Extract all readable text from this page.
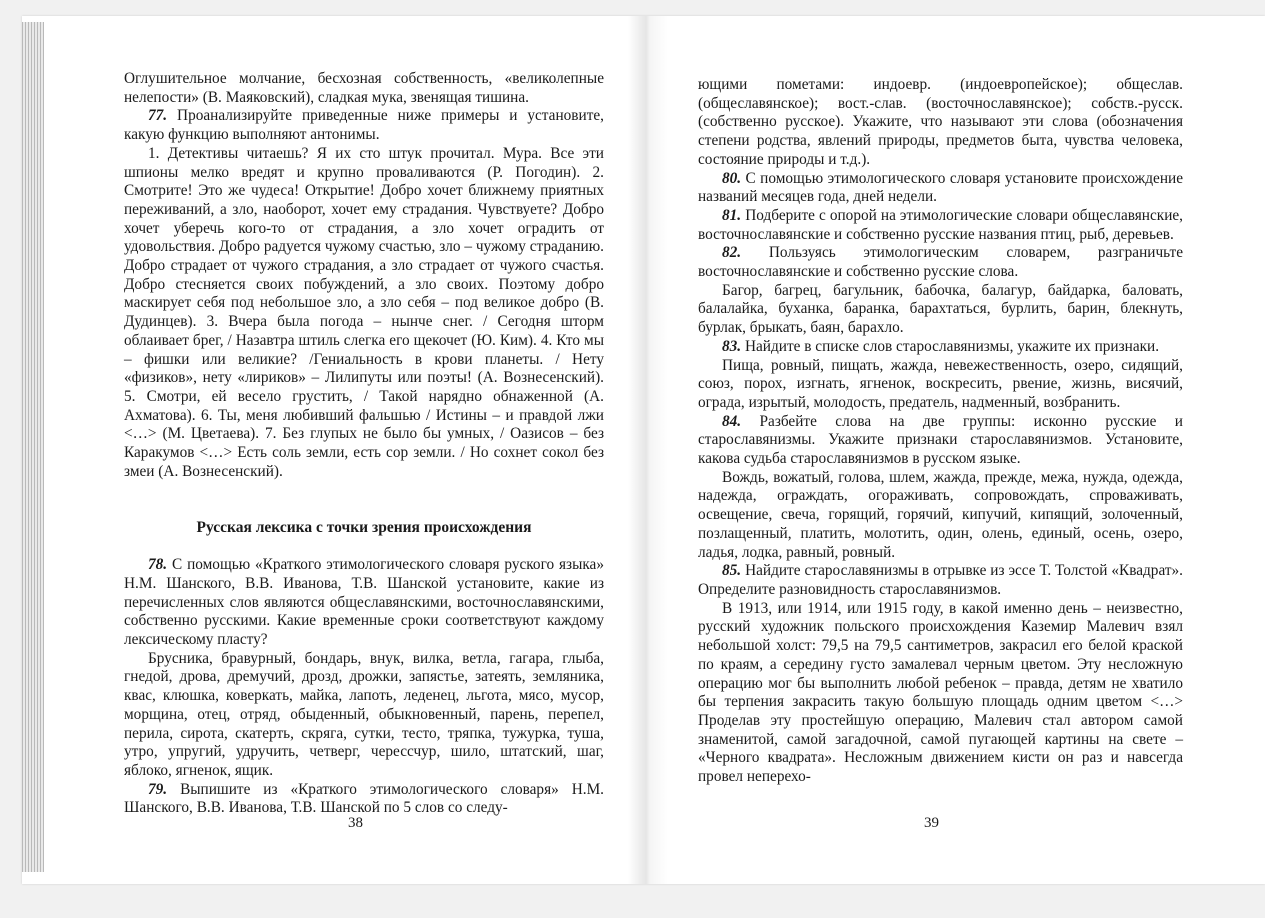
Оглушительное молчание, бесхозная собственность, «великолепные нелепости» (В. Маяковский), сладкая мука, звенящая тишина.

77. Проанализируйте приведенные ниже примеры и установите, какую функцию выполняют антонимы.

1. Детективы читаешь? Я их сто штук прочитал. Мура. Все эти шпионы мелко вредят и крупно проваливаются (Р. Погодин). 2. Смотрите! Это же чудеса! Открытие! Добро хочет ближнему приятных переживаний, а зло, наоборот, хочет ему страдания. Чувствуете? Добро хочет уберечь кого-то от страдания, а зло хочет оградить от удовольствия. Добро радуется чужому счастью, зло – чужому страданию. Добро страдает от чужого страдания, а зло страдает от чужого счастья. Добро стесняется своих побуждений, а зло своих. Поэтому добро маскирует себя под небольшое зло, а зло себя – под великое добро (В. Дудинцев). 3. Вчера была погода – нынче снег. / Сегодня шторм облаивает брег, / Назавтра штиль слегка его щекочет (Ю. Ким). 4. Кто мы – фишки или великие? /Гениальность в крови планеты. / Нету «физиков», нету «лириков» – Лилипуты или поэты! (А. Вознесенский). 5. Смотри, ей весело грустить, / Такой нарядно обнаженной (А. Ахматова). 6. Ты, меня любивший фальшью / Истины – и правдой лжи <…> (М. Цветаева). 7. Без глупых не было бы умных, / Оазисов – без Каракумов <…> Есть соль земли, есть сор земли. / Но сохнет сокол без змеи (А. Вознесенский).

Русская лексика с точки зрения происхождения

78. С помощью «Краткого этимологического словаря руского языка» Н.М. Шанского, В.В. Иванова, Т.В. Шанской установите, какие из перечисленных слов являются общеславянскими, восточнославянскими, собственно русскими. Какие временные сроки соответствуют каждому лексическому пласту?

Брусника, бравурный, бондарь, внук, вилка, ветла, гагара, глыба, гнедой, дрова, дремучий, дрозд, дрожки, запястье, затеять, земляника, квас, клюшка, коверкать, майка, лапоть, леденец, льгота, мясо, мусор, морщина, отец, отряд, обыденный, обыкновенный, парень, перепел, перила, сирота, скатерть, скряга, сутки, тесто, тряпка, тужурка, туша, утро, упругий, удручить, четверг, черессчур, шило, штатский, шаг, яблоко, ягненок, ящик.

79. Выпишите из «Краткого этимологического словаря» Н.М. Шанского, В.В. Иванова, Т.В. Шанской по 5 слов со следу-

38

ющими пометами: индоевр. (индоевропейское); общеслав. (общеславянское); вост.-слав. (восточнославянское); собств.-русск. (собственно русское). Укажите, что называют эти слова (обозначения степени родства, явлений природы, предметов быта, чувства человека, состояние природы и т.д.).

80. С помощью этимологического словаря установите происхождение названий месяцев года, дней недели.

81. Подберите с опорой на этимологические словари общеславянские, восточнославянские и собственно русские названия птиц, рыб, деревьев.

82. Пользуясь этимологическим словарем, разграничьте восточнославянские и собственно русские слова.

Багор, багрец, багульник, бабочка, балагур, байдарка, баловать, балалайка, буханка, баранка, барахтаться, бурлить, барин, блекнуть, бурлак, брыкать, баян, барахло.

83. Найдите в списке слов старославянизмы, укажите их признаки.

Пища, ровный, пищать, жажда, невежественность, озеро, сидящий, союз, порох, изгнать, ягненок, воскресить, рвение, жизнь, висячий, ограда, изрытый, молодость, предатель, надменный, возбранить.

84. Разбейте слова на две группы: исконно русские и старославянизмы. Укажите признаки старославянизмов. Установите, какова судьба старославянизмов в русском языке.

Вождь, вожатый, голова, шлем, жажда, прежде, межа, нужда, одежда, надежда, ограждать, огораживать, сопровождать, спроваживать, освещение, свеча, горящий, горячий, кипучий, кипящий, золоченный, позлащенный, платить, молотить, один, олень, единый, осень, озеро, ладья, лодка, равный, ровный.

85. Найдите старославянизмы в отрывке из эссе Т. Толстой «Квадрат». Определите разновидность старославянизмов.

В 1913, или 1914, или 1915 году, в какой именно день – неизвестно, русский художник польского происхождения Каземир Малевич взял небольшой холст: 79,5 на 79,5 сантиметров, закрасил его белой краской по краям, а середину густо замалевал черным цветом. Эту несложную операцию мог бы выполнить любой ребенок – правда, детям не хватило бы терпения закрасить такую большую площадь одним цветом <…> Проделав эту простейшую операцию, Малевич стал автором самой знаменитой, самой загадочной, самой пугающей картины на свете – «Черного квадрата». Несложным движением кисти он раз и навсегда провел неперехо-

39
